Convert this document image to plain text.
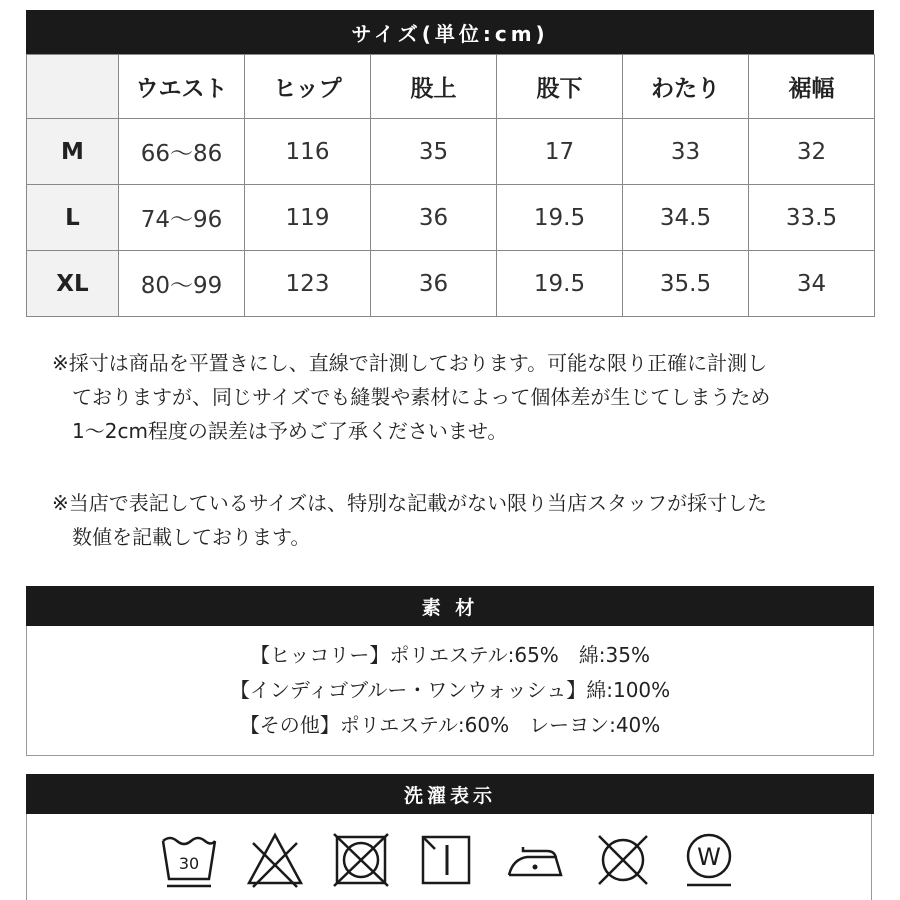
サイズ(単位:cm)
	ウエスト	ヒップ	股上	股下	わたり	裾幅
M	66〜86	116	35	17	33	32
L	74〜96	119	36	19.5	34.5	33.5
XL	80〜99	123	36	19.5	35.5	34

※採寸は商品を平置きにし、直線で計測しております。可能な限り正確に計測し

ておりますが、同じサイズでも縫製や素材によって個体差が生じてしまうため

1〜2cm程度の誤差は予めご了承くださいませ。

※当店で表記しているサイズは、特別な記載がない限り当店スタッフが採寸した

数値を記載しております。

素 材
【ヒッコリー】ポリエステル:65%　綿:35%
【インディゴブルー・ワンウォッシュ】綿:100%
【その他】ポリエステル:60%　レーヨン:40%
洗濯表示
30	W
